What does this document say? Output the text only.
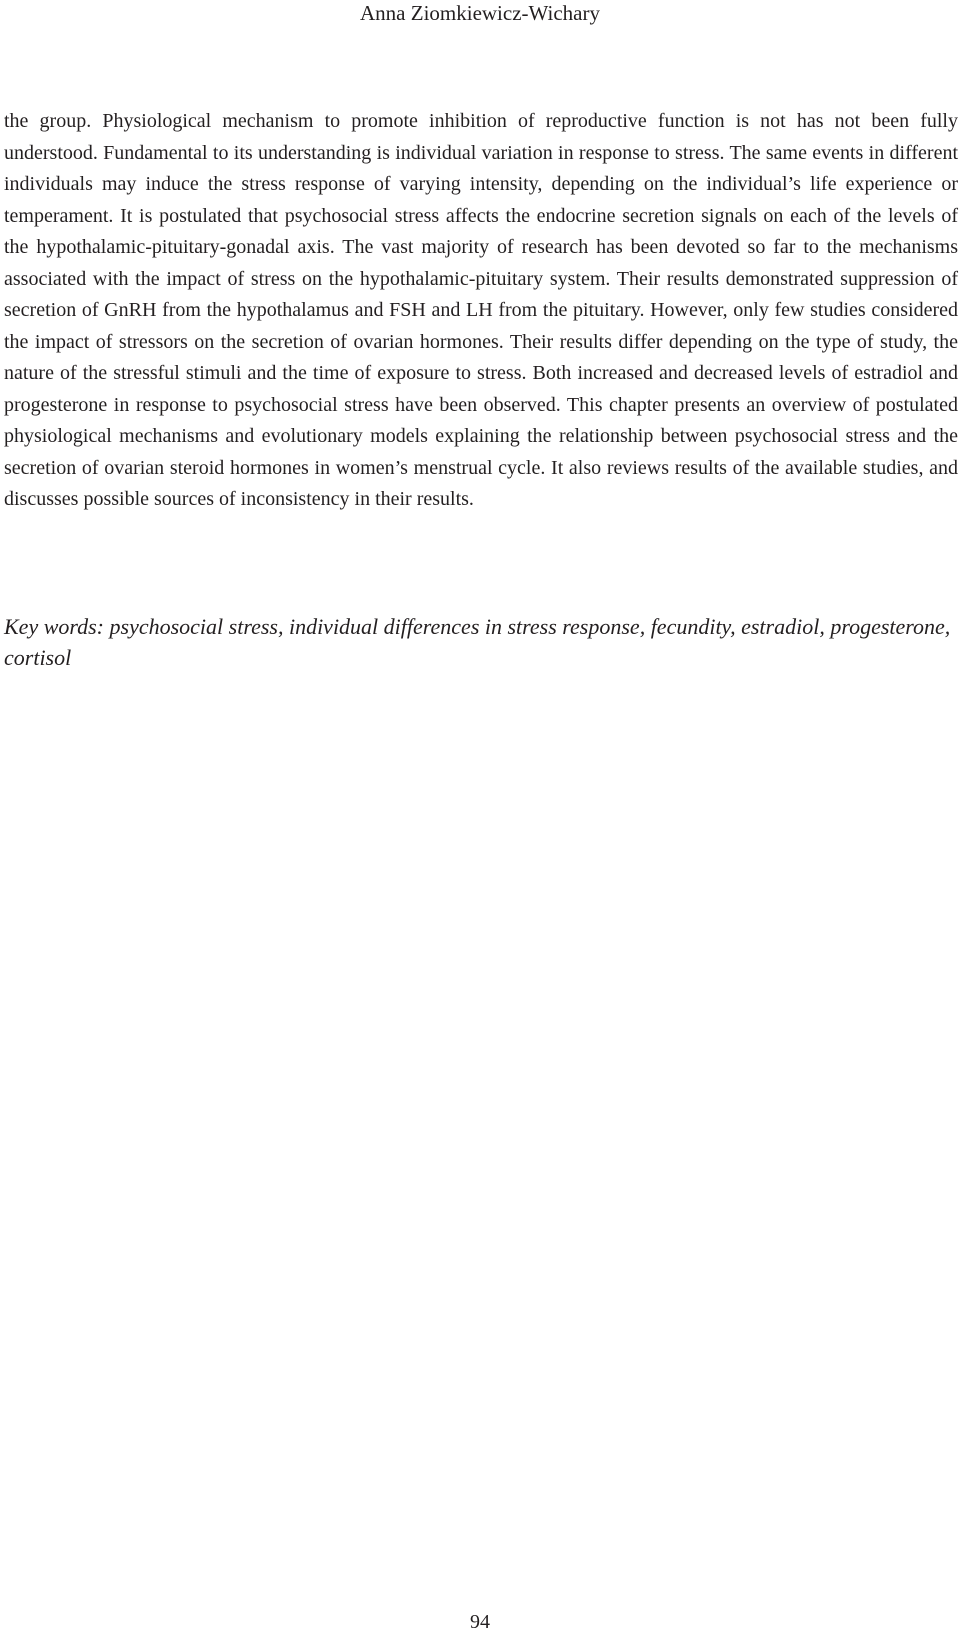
Anna Ziomkiewicz-Wichary

the group. Physiological mechanism to promote inhibition of reproductive function is not has not been fully understood. Fundamental to its understanding is individual variation in response to stress. The same events in different individuals may induce the stress response of varying intensity, depending on the individual’s life experience or temperament. It is postulated that psychosocial stress affects the endocrine secretion signals on each of the levels of the hypothalamic-pituitary-gonadal axis. The vast majority of research has been devoted so far to the mechanisms associated with the impact of stress on the hypothalamic-pituitary system. Their results demonstrated suppression of secretion of GnRH from the hypothalamus and FSH and LH from the pituitary. However, only few studies considered the impact of stressors on the secretion of ovarian hormones. Their results differ depending on the type of study, the nature of the stressful stimuli and the time of exposure to stress. Both increased and decreased levels of estradiol and progesterone in response to psychosocial stress have been observed. This chapter presents an overview of postulated physiological mechanisms and evolutionary models explaining the relationship between psychosocial stress and the secretion of ovarian steroid hormones in women’s menstrual cycle. It also reviews results of the available studies, and discusses possible sources of inconsistency in their results.

Key words: psychosocial stress, individual differences in stress response, fecundity, estradiol, progesterone, cortisol

94
